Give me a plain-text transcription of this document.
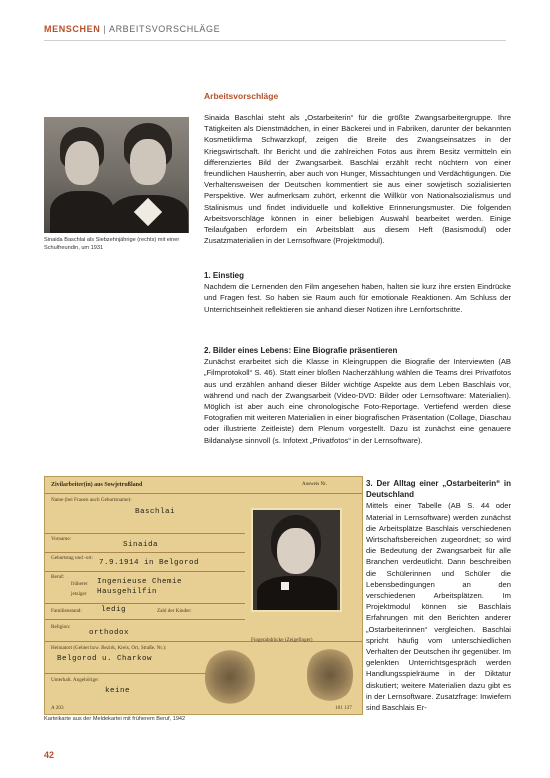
MENSCHEN | ARBEITSVORSCHLÄGE
Sinaida Baschlai als Siebzehnjährige (rechts) mit einer Schulfreundin, um 1931
Arbeitsvorschläge

Sinaida Baschlai steht als „Ostarbeiterin“ für die größte Zwangsarbeitergruppe. Ihre Tätigkeiten als Dienstmädchen, in einer Bäckerei und in Fabriken, darunter der bekannten Kosmetikfirma Schwarzkopf, zeigen die Breite des Zwangseinsatzes in der Kriegswirtschaft. Ihr Bericht und die zahlreichen Fotos aus ihrem Besitz vermitteln ein differenziertes Bild der Zwangsarbeit. Baschlai erzählt recht nüchtern von einer freundlichen Hausherrin, aber auch von Hunger, Missachtungen und Verdächtigungen. Die Verhaltensweisen der Deutschen kommentiert sie aus einer sowjetisch sozialisierten Perspektive. Wer aufmerksam zuhört, erkennt die Willkür von Nationalsozialismus und Stalinismus und findet individuelle und kollektive Erinnerungsmuster. Die folgenden Arbeitsvorschläge können in einer beliebigen Auswahl bearbeitet werden. Einige Teilaufgaben erfordern ein Arbeitsblatt aus diesem Heft (Basismodul) oder Zusatzmaterialien in der Lernsoftware (Projektmodul).

1. Einstieg

Nachdem die Lernenden den Film angesehen haben, halten sie kurz ihre ersten Eindrücke und Fragen fest. So haben sie Raum auch für emotionale Reaktionen. Am Schluss der Unterrichtseinheit reflektieren sie anhand dieser Notizen ihre Lernfortschritte.

2. Bilder eines Lebens: Eine Biografie präsentieren

Zunächst erarbeitet sich die Klasse in Kleingruppen die Biografie der Interviewten (AB „Filmprotokoll“ S. 46). Statt einer bloßen Nacherzählung wählen die Teams drei Privatfotos aus und erzählen anhand dieser Bilder wichtige Aspekte aus dem Leben Baschlais vor, während und nach der Zwangsarbeit (Video-DVD: Bilder oder Lernsoftware: Materialien). Möglich ist aber auch eine chronologische Foto-Reportage. Vertiefend werden diese Fotografien mit weiteren Materialien in einer biografischen Präsentation (Collage, Diaschau oder illustrierte Zeitleiste) dem Plenum vorgestellt. Dazu ist zunächst eine genauere Bildanalyse sinnvoll (s. Infotext „Privatfotos“ in der Lernsoftware).

Zivilarbeiter(in) aus Sowjetrußland	Ausweis Nr.
Name (bei Frauen auch Geburtsname):
Baschlai
Vorname:
Sinaida
Geburtstag und -ort:
7.9.1914 in Belgorod
Beruf:
früherer Ingenieuse Chemie
jetziger Hausgehilfin
Familienstand:	ledig	Zahl der Kinder:
Religion:
orthodox
Heimatort (Gebiet bzw. Bezirk, Kreis, Ort, Straße, Nr.):
Belgorod u. Charkow
Unterhalt. Angehörige:
keine
A 203	101 137
Fingerabdrücke (Zeigefinger)
Karteikarte aus der Meldekartei mit früherem Beruf, 1942
3. Der Alltag einer „Ostarbeiterin“ in Deutschland

Mittels einer Tabelle (AB S. 44 oder Material in Lernsoftware) werden zunächst die Arbeitsplätze Baschlais verschiedenen Wirtschaftsbereichen zugeordnet; so wird die Bedeutung der Zwangsarbeit für alle Branchen verdeutlicht. Dann beschreiben die Schülerinnen und Schüler die Lebensbedingungen an den verschiedenen Arbeitsplätzen. Im Projektmodul können sie Baschlais Erfahrungen mit den Berichten anderer „Ostarbeiterinnen“ vergleichen. Baschlai spricht häufig vom unterschiedlichen Verhalten der Deutschen ihr gegenüber. Im gelenkten Unterrichtsgespräch werden Handlungsspielräume in der Diktatur diskutiert; weitere Materialien dazu gibt es in der Lernsoftware. Zusatzfrage: Inwiefern sind Baschlais Er-

42
